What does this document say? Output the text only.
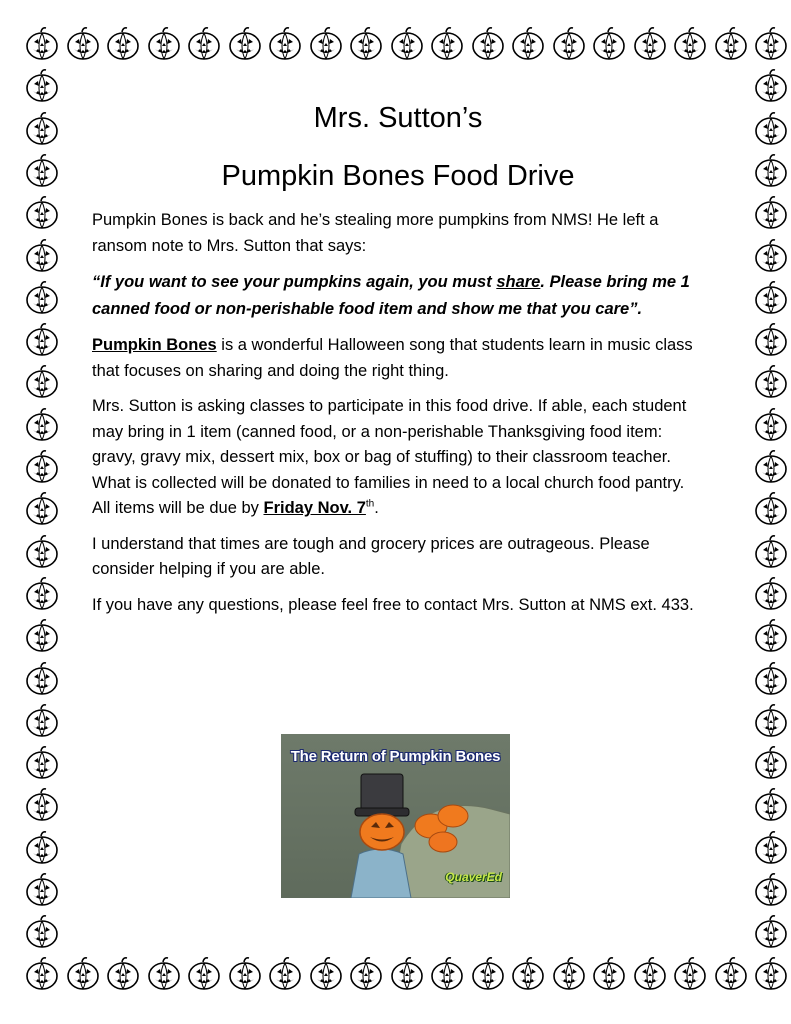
Mrs. Sutton’s
Pumpkin Bones Food Drive

Pumpkin Bones is back and he’s stealing more pumpkins from NMS! He left a ransom note to Mrs. Sutton that says:

“If you want to see your pumpkins again, you must share. Please bring me 1 canned food or non-perishable food item and show me that you care”.

Pumpkin Bones is a wonderful Halloween song that students learn in music class that focuses on sharing and doing the right thing.

Mrs. Sutton is asking classes to participate in this food drive. If able, each student may bring in 1 item (canned food, or a non-perishable Thanksgiving food item: gravy, gravy mix, dessert mix, box or bag of stuffing) to their classroom teacher. What is collected will be donated to families in need to a local church food pantry. All items will be due by Friday Nov. 7th.

I understand that times are tough and grocery prices are outrageous. Please consider helping if you are able.

If you have any questions, please feel free to contact Mrs. Sutton at NMS ext. 433.

The Return of Pumpkin Bones
QuaverEd
